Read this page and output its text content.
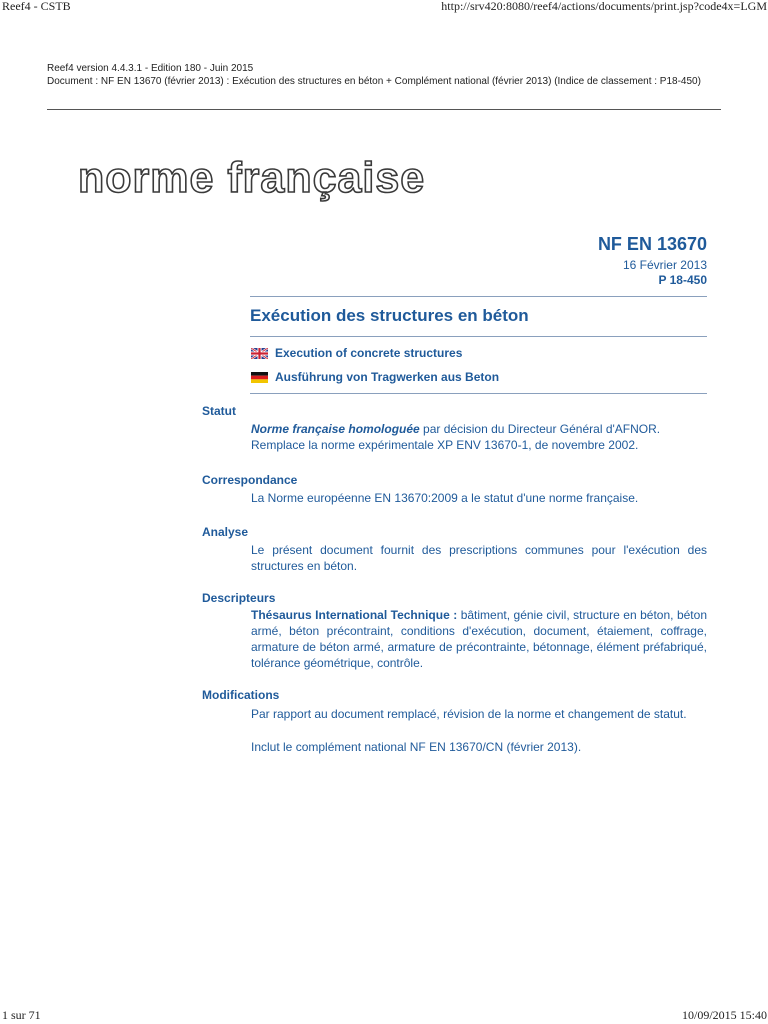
Reef4 - CSTB	http://srv420:8080/reef4/actions/documents/print.jsp?code4x=LGM
Reef4 version 4.4.3.1 - Edition 180 - Juin 2015
Document : NF EN 13670 (février 2013) : Exécution des structures en béton + Complément national (février 2013) (Indice de classement : P18-450)
norme française
NF EN 13670
16 Février 2013
P 18-450
Exécution des structures en béton
Execution of concrete structures
Ausführung von Tragwerken aus Beton
Statut
Norme française homologuée par décision du Directeur Général d'AFNOR.
Remplace la norme expérimentale XP ENV 13670-1, de novembre 2002.
Correspondance
La Norme européenne EN 13670:2009 a le statut d'une norme française.
Analyse
Le présent document fournit des prescriptions communes pour l'exécution des structures en béton.
Descripteurs
Thésaurus International Technique : bâtiment, génie civil, structure en béton, béton armé, béton précontraint, conditions d'exécution, document, étaiement, coffrage, armature de béton armé, armature de précontrainte, bétonnage, élément préfabriqué, tolérance géométrique, contrôle.
Modifications
Par rapport au document remplacé, révision de la norme et changement de statut.
Inclut le complément national NF EN 13670/CN (février 2013).
1 sur 71	10/09/2015 15:40
